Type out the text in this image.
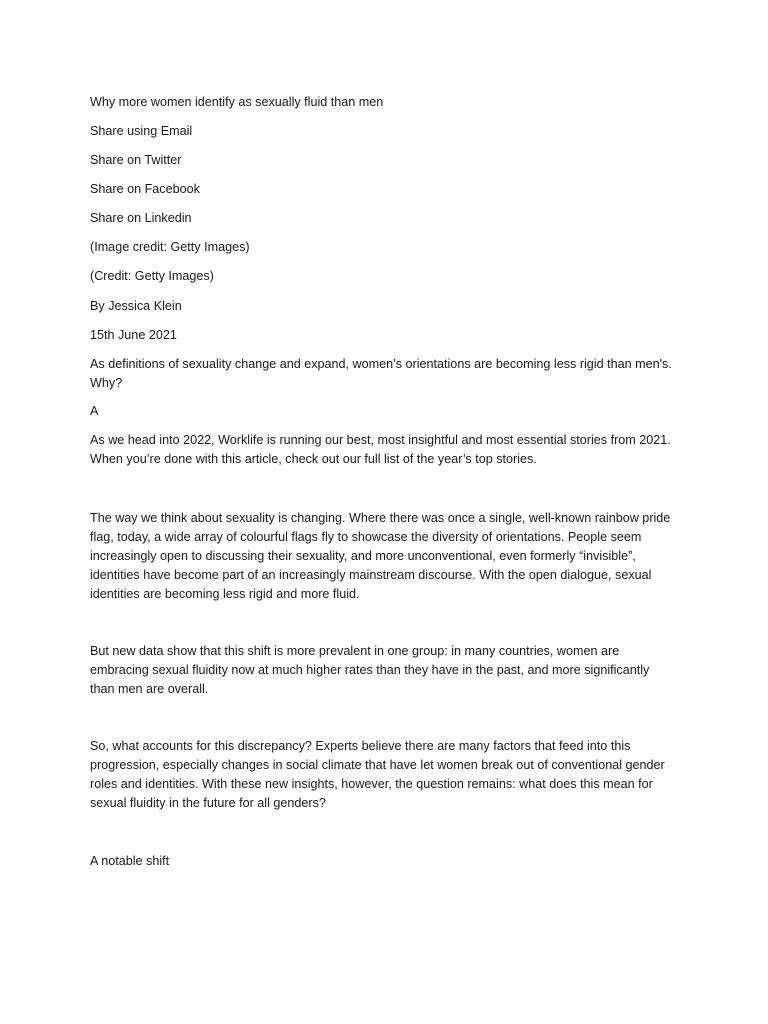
Why more women identify as sexually fluid than men
Share using Email
Share on Twitter
Share on Facebook
Share on Linkedin
(Image credit: Getty Images)
(Credit: Getty Images)
By Jessica Klein
15th June 2021
As definitions of sexuality change and expand, women’s orientations are becoming less rigid than men's.
Why?
A
As we head into 2022, Worklife is running our best, most insightful and most essential stories from 2021.
When you’re done with this article, check out our full list of the year’s top stories.
The way we think about sexuality is changing. Where there was once a single, well-known rainbow pride
flag, today, a wide array of colourful flags fly to showcase the diversity of orientations. People seem
increasingly open to discussing their sexuality, and more unconventional, even formerly “invisible”,
identities have become part of an increasingly mainstream discourse. With the open dialogue, sexual
identities are becoming less rigid and more fluid.
But new data show that this shift is more prevalent in one group: in many countries, women are
embracing sexual fluidity now at much higher rates than they have in the past, and more significantly
than men are overall.
So, what accounts for this discrepancy? Experts believe there are many factors that feed into this
progression, especially changes in social climate that have let women break out of conventional gender
roles and identities. With these new insights, however, the question remains: what does this mean for
sexual fluidity in the future for all genders?
A notable shift
